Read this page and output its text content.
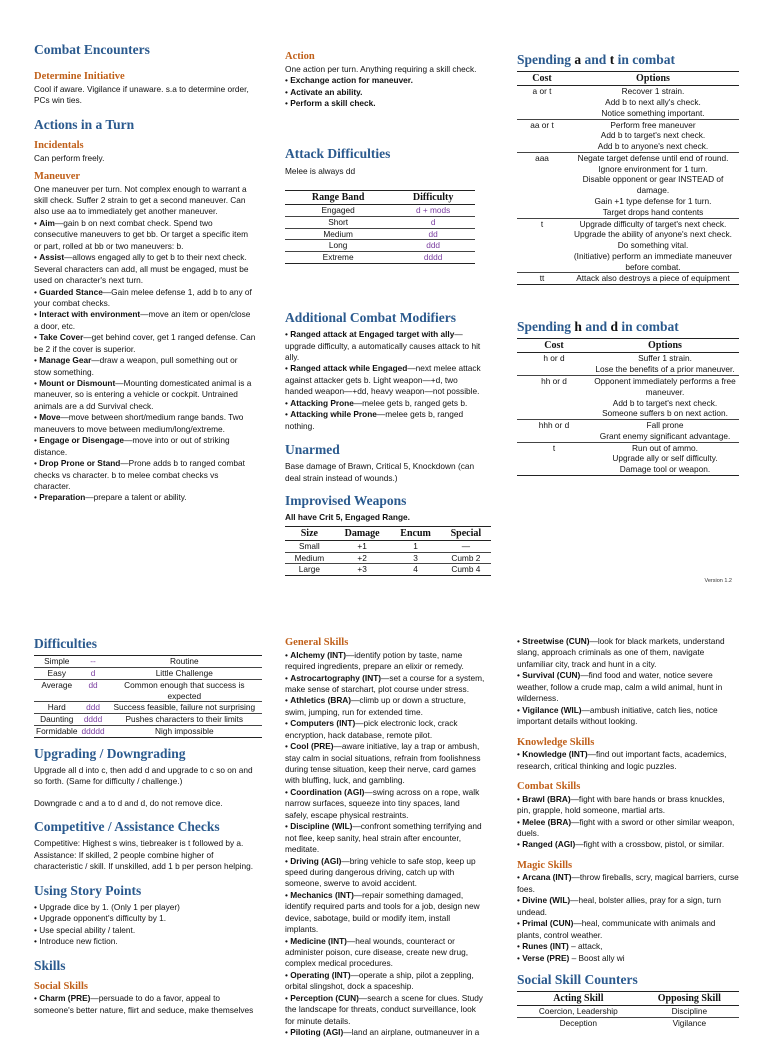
Combat Encounters
Determine Initiative

Cool if aware. Vigilance if unaware. s.a to determine order, PCs win ties.

Actions in a Turn
Incidentals

Can perform freely.

Maneuver

One maneuver per turn. Not complex enough to warrant a skill check. Suffer 2 strain to get a second maneuver. Can also use aa to immediately get another maneuver.

• Aim—gain b on next combat check. Spend two consecutive maneuvers to get bb. Or target a specific item or part, rolled at bb or two maneuvers: b.

• Assist—allows engaged ally to get b to their next check. Several characters can add, all must be engaged, must be used on character's next turn.

• Guarded Stance—Gain melee defense 1, add b to any of your combat checks.

• Interact with environment—move an item or open/close a door, etc.

• Take Cover—get behind cover, get 1 ranged defense. Can be 2 if the cover is superior.

• Manage Gear—draw a weapon, pull something out or stow something.

• Mount or Dismount—Mounting domesticated animal is a maneuver, so is entering a vehicle or cockpit. Untrained animals are a dd Survival check.

• Move—move between short/medium range bands. Two maneuvers to move between medium/long/extreme.

• Engage or Disengage—move into or out of striking distance.

• Drop Prone or Stand—Prone adds b to ranged combat checks vs character. b to melee combat checks vs character.

• Preparation—prepare a talent or ability.

Action

One action per turn. Anything requiring a skill check.

• Exchange action for maneuver.

• Activate an ability.

• Perform a skill check.

Attack Difficulties

Melee is always dd

Range Band	Difficulty
Engaged	d + mods
Short	d
Medium	dd
Long	ddd
Extreme	dddd
Additional Combat Modifiers

• Ranged attack at Engaged target with ally—upgrade difficulty, a automatically causes attack to hit ally.

• Ranged attack while Engaged—next melee attack against attacker gets b. Light weapon—+d, two handed weapon—+dd, heavy weapon—not possible.

• Attacking Prone—melee gets b, ranged gets b.

• Attacking while Prone—melee gets b, ranged nothing.

Unarmed

Base damage of Brawn, Critical 5, Knockdown (can deal strain instead of wounds.)

Improvised Weapons

All have Crit 5, Engaged Range.

Size	Damage	Encum	Special
Small	+1	1	—
Medium	+2	3	Cumb 2
Large	+3	4	Cumb 4
Spending a and t in combat
Cost	Options
a or t	Recover 1 strain.
Add b to next ally's check.
Notice something important.

aa or t	Perform free maneuver
Add b to target's next check.
Add b to anyone's next check.

aaa	Negate target defense until end of round.
Ignore environment for 1 turn.
Disable opponent or gear INSTEAD of damage.
Gain +1 type defense for 1 turn.
Target drops hand contents

t	Upgrade difficulty of target's next check.
Upgrade the ability of anyone's next check.
Do something vital.
(Initiative) perform an immediate maneuver before combat.

tt	Attack also destroys a piece of equipment
Spending h and d in combat
Cost	Options
h or d	Suffer 1 strain.
Lose the benefits of a prior maneuver.

hh or d	Opponent immediately performs a free maneuver.
Add b to target's next check.
Someone suffers b on next action.

hhh or d	Fall prone
Grant enemy significant advantage.

t	Run out of ammo.
Upgrade ally or self difficulty.
Damage tool or weapon.
Version 1.2
Difficulties
Simple	--	Routine
Easy	d	Little Challenge
Average	dd	Common enough that success is expected
Hard	ddd	Success feasible, failure not surprising
Daunting	dddd	Pushes characters to their limits
Formidable	ddddd	Nigh impossible
Upgrading / Downgrading

Upgrade all d into c, then add d and upgrade to c so on and so forth. (Same for difficulty / challenge.)

Downgrade c and a to d and d, do not remove dice.

Competitive / Assistance Checks

Competitive: Highest s wins, tiebreaker is t followed by a. Assistance: If skilled, 2 people combine higher of characteristic / skill. If unskilled, add 1 b per person helping.

Using Story Points

• Upgrade dice by 1. (Only 1 per player)

• Upgrade opponent's difficulty by 1.

• Use special ability / talent.

• Introduce new fiction.

Skills
Social Skills

• Charm (PRE)—persuade to do a favor, appeal to someone's better nature, flirt and seduce, make themselves

General Skills

• Alchemy (INT)—identify potion by taste, name required ingredients, prepare an elixir or remedy.

• Astrocartography (INT)—set a course for a system, make sense of starchart, plot course under stress.

• Athletics (BRA)—climb up or down a structure, swim, jumping, run for extended time.

• Computers (INT)—pick electronic lock, crack encryption, hack database, remote pilot.

• Cool (PRE)—aware initiative, lay a trap or ambush, stay calm in social situations, refrain from foolishness during tense situation, keep their nerve, card games with bluffing, luck, and gambling.

• Coordination (AGI)—swing across on a rope, walk narrow surfaces, squeeze into tiny spaces, land safely, escape physical restraints.

• Discipline (WIL)—confront something terrifying and not flee, keep sanity, heal strain after encounter, meditate.

• Driving (AGI)—bring vehicle to safe stop, keep up speed during dangerous driving, catch up with someone, swerve to avoid accident.

• Mechanics (INT)—repair something damaged, identify required parts and tools for a job, design new device, sabotage, build or modify item, install implants.

• Medicine (INT)—heal wounds, counteract or administer poison, cure disease, create new drug, complex medical procedures.

• Operating (INT)—operate a ship, pilot a zeppling, orbital slingshot, dock a spaceship.

• Perception (CUN)—search a scene for clues. Study the landscape for threats, conduct surveillance, look for minute details.

• Piloting (AGI)—land an airplane, outmaneuver in a

• Streetwise (CUN)—look for black markets, understand slang, approach criminals as one of them, navigate unfamiliar city, track and hunt in a city.

• Survival (CUN)—find food and water, notice severe weather, follow a crude map, calm a wild animal, hunt in wilderness.

• Vigilance (WIL)—ambush initiative, catch lies, notice important details without looking.

Knowledge Skills

• Knowledge (INT)—find out important facts, academics, research, critical thinking and logic puzzles.

Combat Skills

• Brawl (BRA)—fight with bare hands or brass knuckles, pin, grapple, hold someone, martial arts.

• Melee (BRA)—fight with a sword or other similar weapon, duels.

• Ranged (AGI)—fight with a crossbow, pistol, or similar.

Magic Skills

• Arcana (INT)—throw fireballs, scry, magical barriers, curse foes.

• Divine (WIL)—heal, bolster allies, pray for a sign, turn undead.

• Primal (CUN)—heal, communicate with animals and plants, control weather.

• Runes (INT) – attack,

• Verse (PRE) – Boost ally wi

Social Skill Counters
Acting Skill	Opposing Skill
Coercion, Leadership	Discipline
Deception	Vigilance
